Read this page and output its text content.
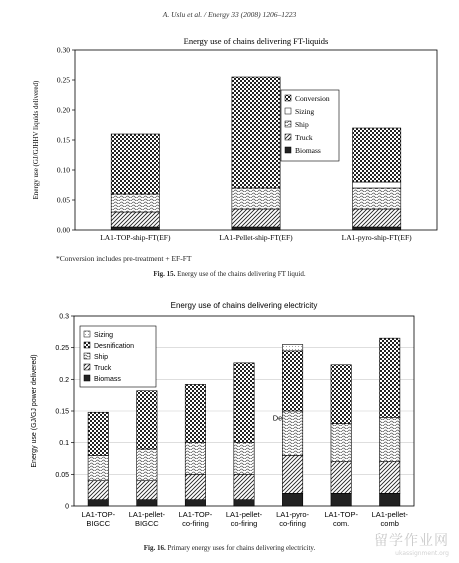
A. Uslu et al. / Energy 33 (2008) 1206–1223
Energy use of chains delivering FT-liquids
0.00
0.05
0.10
0.15
0.20
0.25
0.30
Energy use (GJ/GJHHV liquids delivered)
LA1-TOP-ship-FT(EF)	LA1-Pellet-ship-FT(EF)	LA1-pyro-ship-FT(EF)
Conversion
Sizing
Ship
Truck
Biomass
*Conversion includes pre-treatment + EF-FT
Fig. 15. Energy use of the chains delivering FT liquid.
Energy use of chains delivering electricity
0
0.05
0.1
0.15
0.2
0.25
0.3
Energy use (GJ/GJ power delivered)
LA1-TOP-
BIGCC
LA1-pellet-
BIGCC
LA1-TOP-
co-firing
LA1-pellet-
co-firing
LA1-pyro-
co-firing
LA1-TOP-
com.
LA1-pellet-
comb
Sizing
Desnification
Ship
Truck
Biomass
De
Fig. 16. Primary energy uses for chains delivering electricity.	留学作业网
ukassignment.org
